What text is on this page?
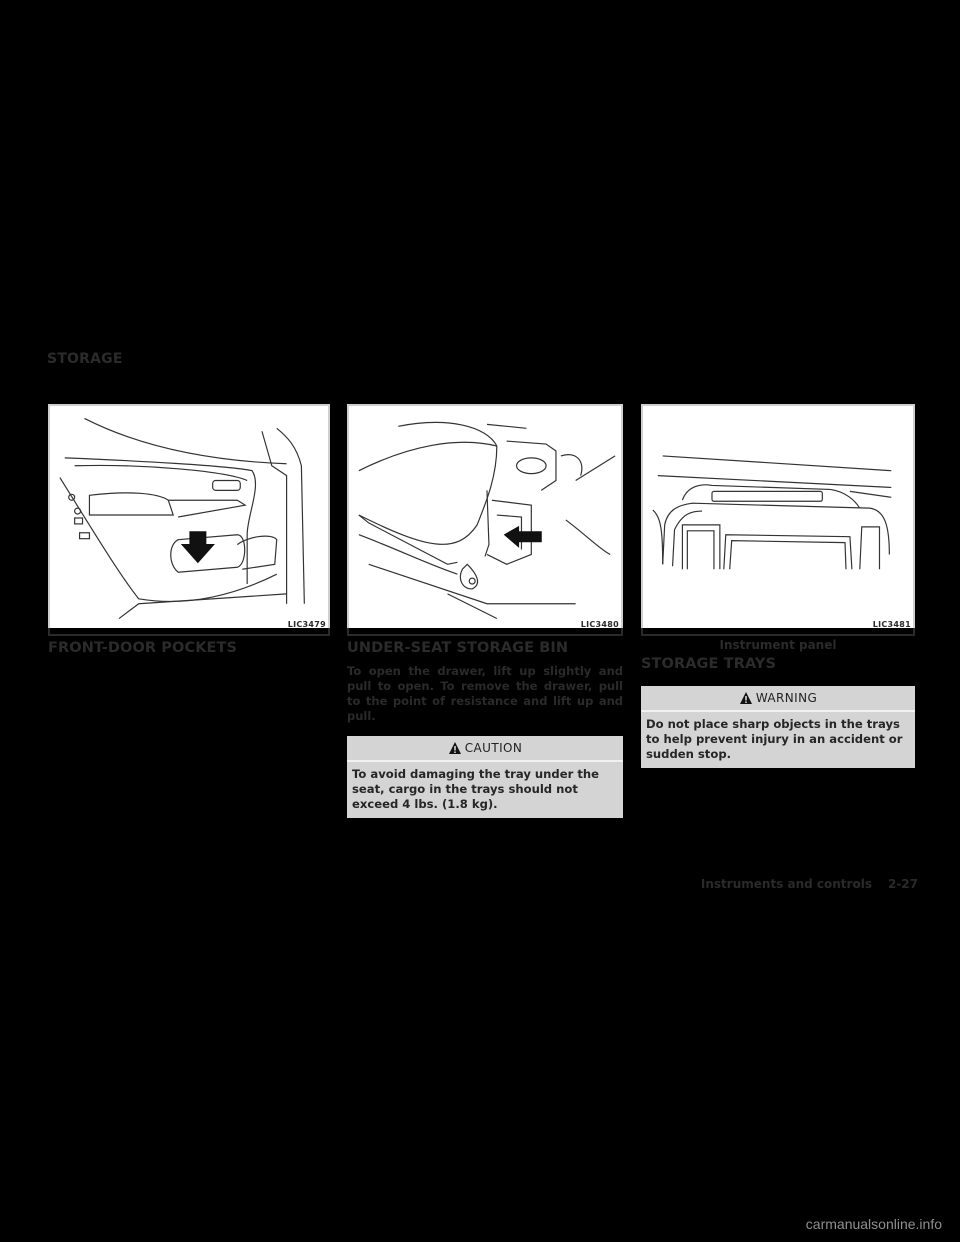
STORAGE
LIC3479
FRONT-DOOR POCKETS
LIC3480
UNDER-SEAT STORAGE BIN
To open the drawer, lift up slightly and pull to open. To remove the drawer, pull to the point of resistance and lift up and pull.
CAUTION
To avoid damaging the tray under the seat, cargo in the trays should not exceed 4 lbs. (1.8 kg).
LIC3481
Instrument panel
STORAGE TRAYS
WARNING
Do not place sharp objects in the trays to help prevent injury in an accident or sudden stop.
Instruments and controls 2-27
carmanualsonline.info
